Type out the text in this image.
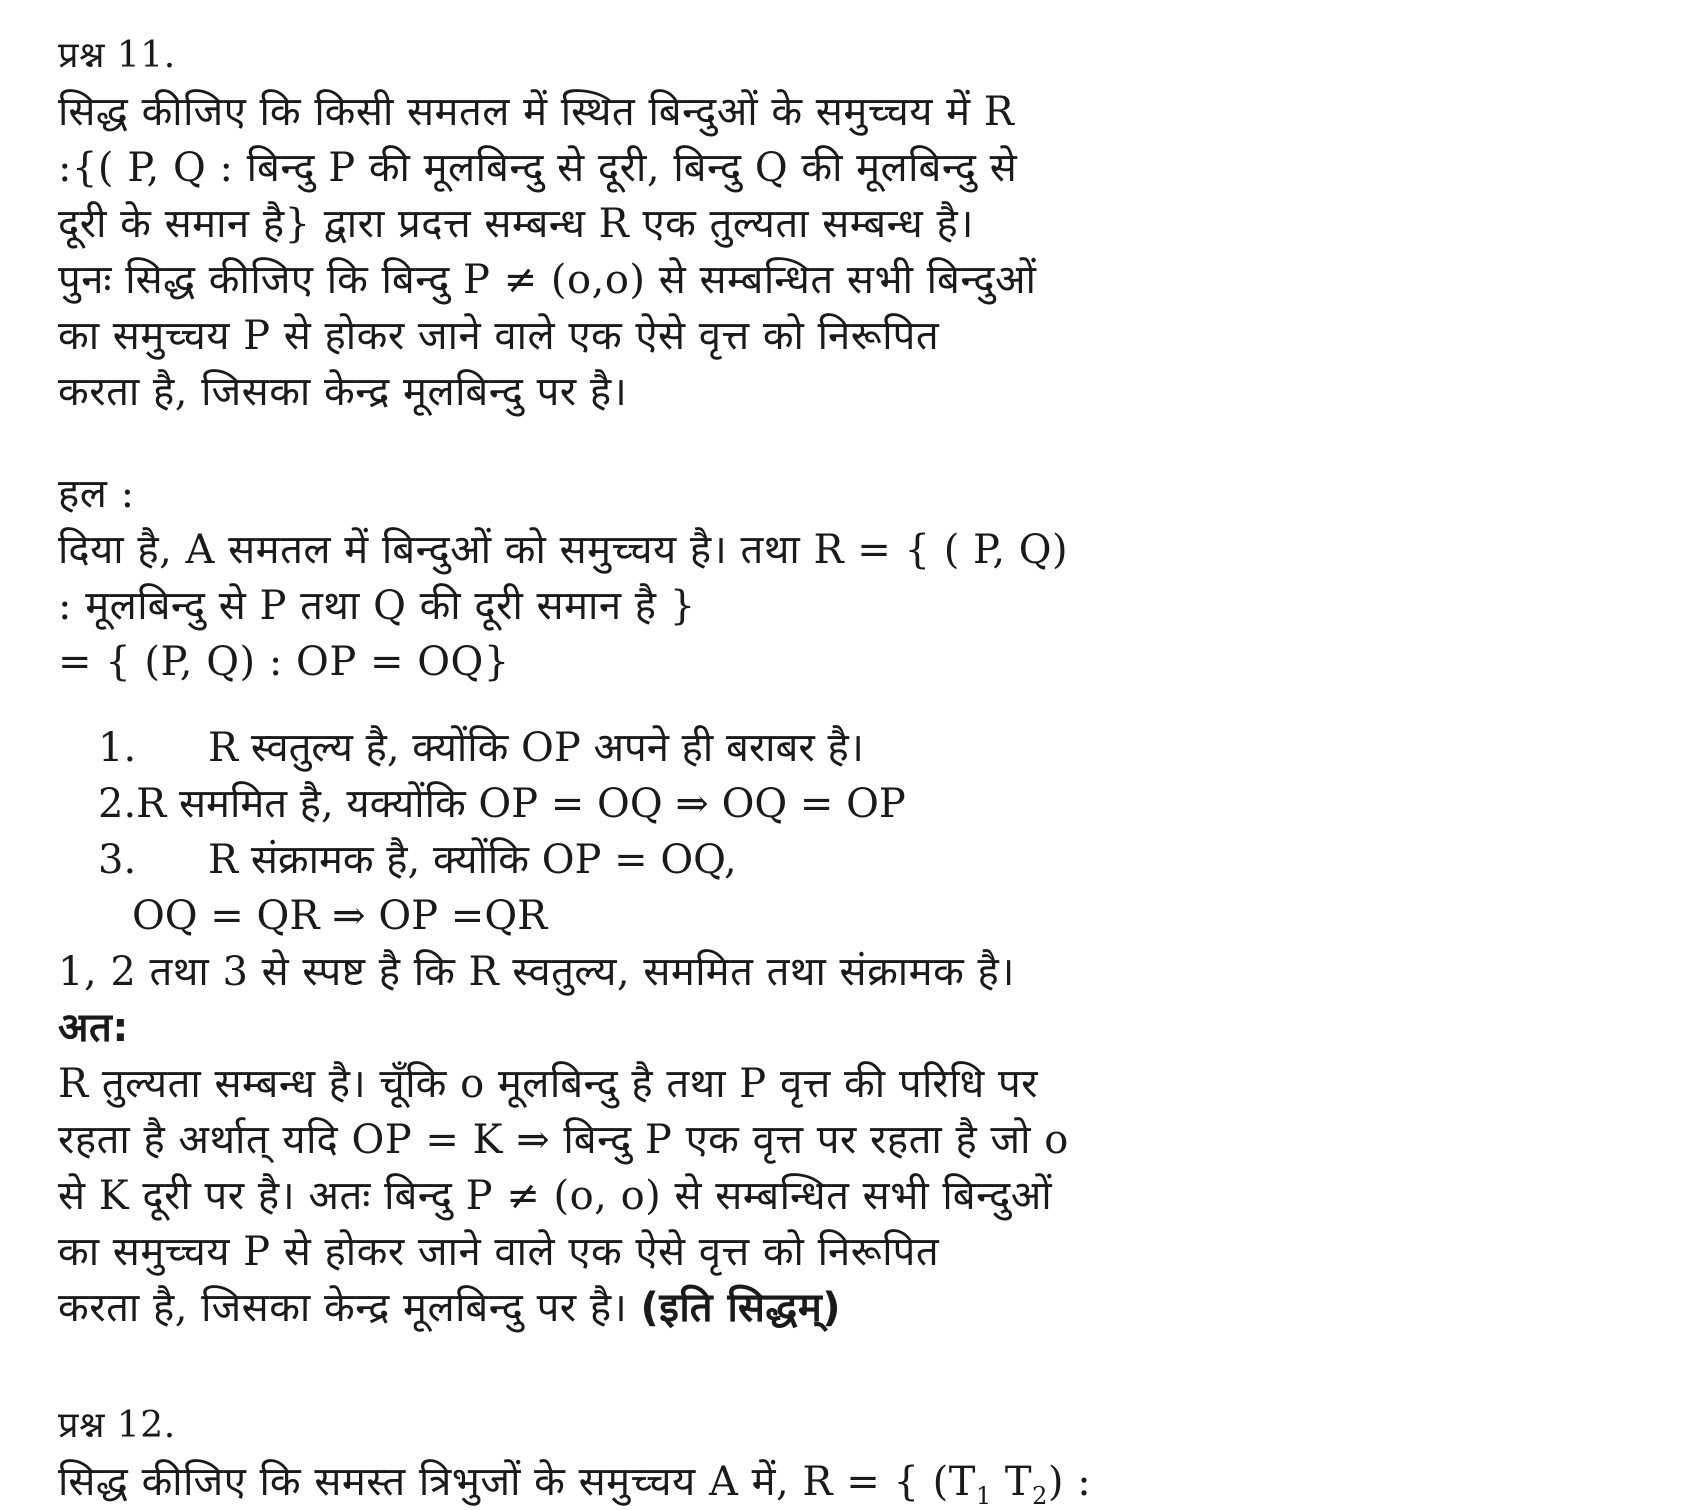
प्रश्न 11.
सिद्ध कीजिए कि किसी समतल में स्थित बिन्दुओं के समुच्चय में R
:{( P, Q : बिन्दु P की मूलबिन्दु से दूरी, बिन्दु Q की मूलबिन्दु से
दूरी के समान है} द्वारा प्रदत्त सम्बन्ध R एक तुल्यता सम्बन्ध है।
पुनः सिद्ध कीजिए कि बिन्दु P ≠ (o,o) से सम्बन्धित सभी बिन्दुओं
का समुच्चय P से होकर जाने वाले एक ऐसे वृत्त को निरूपित
करता है, जिसका केन्द्र मूलबिन्दु पर है।
हल :
दिया है, A समतल में बिन्दुओं को समुच्चय है। तथा R = { ( P, Q)
: मूलबिन्दु से P तथा Q की दूरी समान है }
= { (P, Q) : OP = OQ}
1. R स्वतुल्य है, क्योंकि OP अपने ही बराबर है।
2.R सममित है, यक्योंकि OP = OQ ⇒ OQ = OP
3. R संक्रामक है, क्योंकि OP = OQ,
OQ = QR ⇒ OP =QR
1, 2 तथा 3 से स्पष्ट है कि R स्वतुल्य, सममित तथा संक्रामक है।
अत:
R तुल्यता सम्बन्ध है। चूँकि o मूलबिन्दु है तथा P वृत्त की परिधि पर
रहता है अर्थात् यदि OP = K ⇒ बिन्दु P एक वृत्त पर रहता है जो o
से K दूरी पर है। अतः बिन्दु P ≠ (o, o) से सम्बन्धित सभी बिन्दुओं
का समुच्चय P से होकर जाने वाले एक ऐसे वृत्त को निरूपित
करता है, जिसका केन्द्र मूलबिन्दु पर है। (इति सिद्धम्)
प्रश्न 12.
सिद्ध कीजिए कि समस्त त्रिभुजों के समुच्चय A में, R = { ($T_1$ $T_2$) :
